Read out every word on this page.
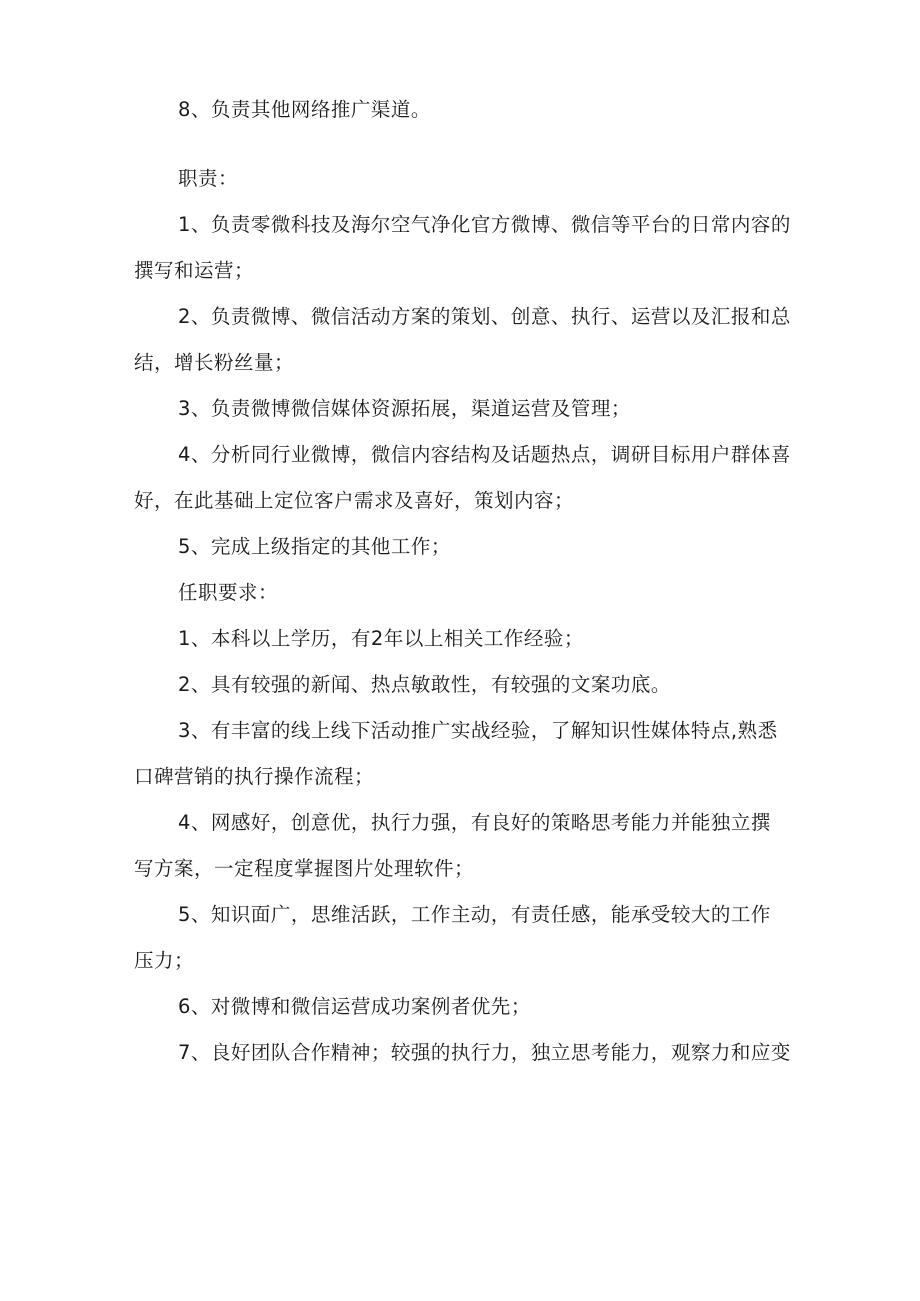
8、负责其他网络推广渠道。
职责：
1、负责零微科技及海尔空气净化官方微博、微信等平台的日常内容的
撰写和运营；
2、负责微博、微信活动方案的策划、创意、执行、运营以及汇报和总
结，增长粉丝量；
3、负责微博微信媒体资源拓展，渠道运营及管理；
4、分析同行业微博，微信内容结构及话题热点，调研目标用户群体喜
好，在此基础上定位客户需求及喜好，策划内容；
5、完成上级指定的其他工作；
任职要求：
1、本科以上学历，有2年以上相关工作经验；
2、具有较强的新闻、热点敏敢性，有较强的文案功底。
3、有丰富的线上线下活动推广实战经验，了解知识性媒体特点,熟悉
口碑营销的执行操作流程；
4、网感好，创意优，执行力强，有良好的策略思考能力并能独立撰
写方案，一定程度掌握图片处理软件；
5、知识面广，思维活跃，工作主动，有责任感，能承受较大的工作
压力；
6、对微博和微信运营成功案例者优先；
7、良好团队合作精神；较强的执行力，独立思考能力，观察力和应变
